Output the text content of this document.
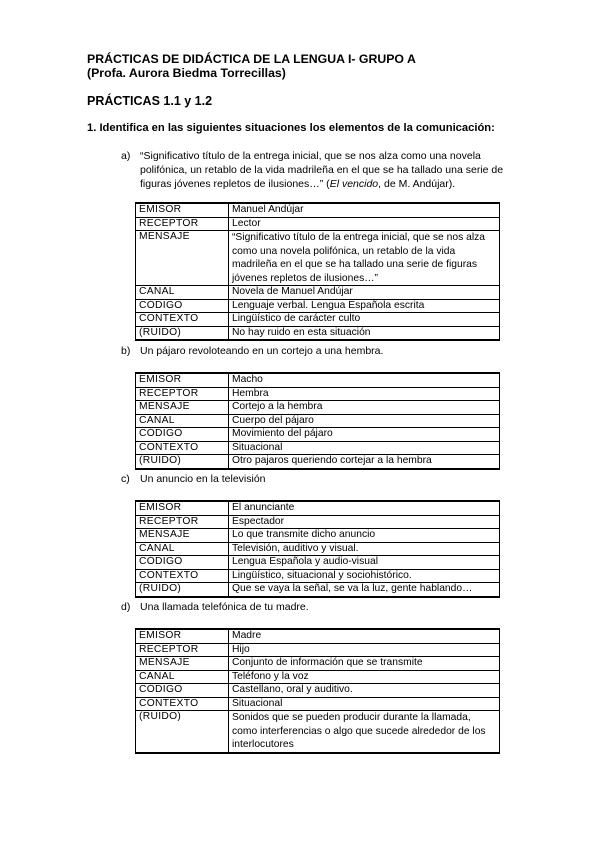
PRÁCTICAS DE DIDÁCTICA DE LA LENGUA I- GRUPO A
(Profa. Aurora Biedma Torrecillas)
PRÁCTICAS 1.1 y 1.2
1. Identifica en las siguientes situaciones los elementos de la comunicación:
a) “Significativo título de la entrega inicial, que se nos alza como una novela polifónica, un retablo de la vida madrileña en el que se ha tallado una serie de figuras jóvenes repletos de ilusiones…” (El vencido, de M. Andújar).
EMISOR	Manuel Andújar
RECEPTOR	Lector
MENSAJE	“Significativo título de la entrega inicial, que se nos alza como una novela polifónica, un retablo de la vida madrileña en el que se ha tallado una serie de figuras jóvenes repletos de ilusiones…”
CANAL	Novela de Manuel Andújar
CÓDIGO	Lenguaje verbal. Lengua Española escrita
CONTEXTO	Lingüístico de carácter culto
(RUIDO)	No hay ruido en esta situación
b) Un pájaro revoloteando en un cortejo a una hembra.
EMISOR	Macho
RECEPTOR	Hembra
MENSAJE	Cortejo a la hembra
CANAL	Cuerpo del pájaro
CÓDIGO	Movimiento del pájaro
CONTEXTO	Situacional
(RUIDO)	Otro pajaros queriendo cortejar a la hembra
c) Un anuncio en la televisión
EMISOR	El anunciante
RECEPTOR	Espectador
MENSAJE	Lo que transmite dicho anuncio
CANAL	Televisión, auditivo y visual.
CÓDIGO	Lengua Española y audio-visual
CONTEXTO	Lingüístico, situacional y sociohistórico.
(RUIDO)	Que se vaya la señal, se va la luz, gente hablando…
d) Una llamada telefónica de tu madre.
EMISOR	Madre
RECEPTOR	Hijo
MENSAJE	Conjunto de información que se transmite
CANAL	Teléfono y la voz
CÓDIGO	Castellano, oral y auditivo.
CONTEXTO	Situacional
(RUIDO)	Sonidos que se pueden producir durante la llamada, como interferencias o algo que sucede alrededor de los interlocutores
